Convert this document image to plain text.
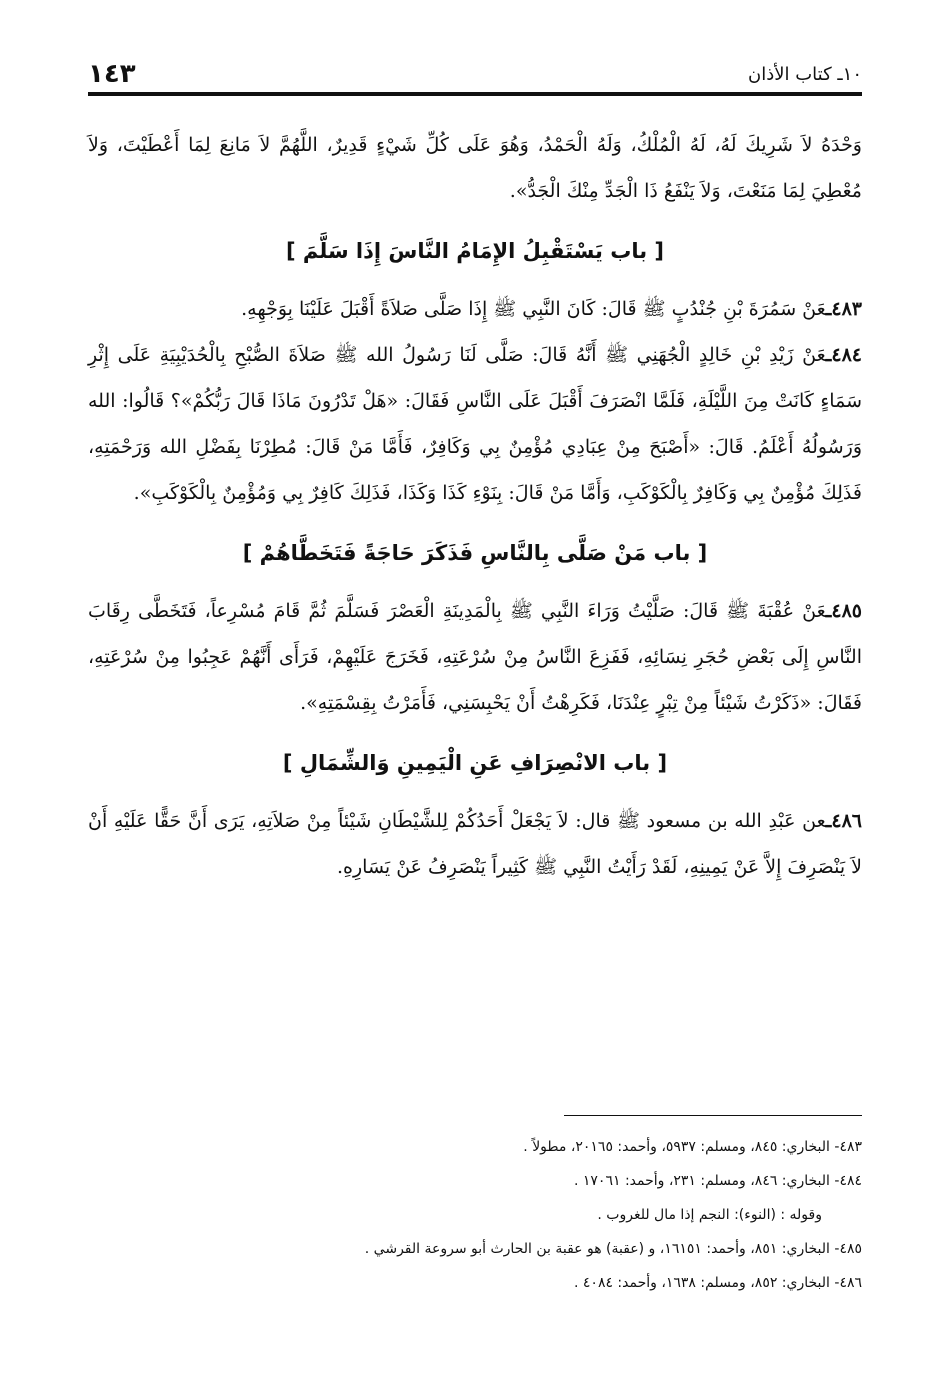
١٠ـ كتاب الأذان
١٤٣

وَحْدَهُ لاَ شَرِيكَ لَهُ، لَهُ الْمُلْكُ، وَلَهُ الْحَمْدُ، وَهُوَ عَلَى كُلِّ شَيْءٍ قَدِيرٌ، اللَّهُمَّ لاَ مَانِعَ لِمَا أَعْطَيْتَ، وَلاَ مُعْطِيَ لِمَا مَنَعْتَ، وَلاَ يَنْفَعُ ذَا الْجَدِّ مِنْكَ الْجَدُّ».

[ باب يَسْتَقْبِلُ الإِمَامُ النَّاسَ إِذَا سَلَّمَ ]

٤٨٣ـعَنْ سَمُرَةَ بْنِ جُنْدُبٍ ﷺ قَالَ: كَانَ النَّبِي ﷺ إِذَا صَلَّى صَلاَةً أَقْبَلَ عَلَيْنَا بِوَجْهِهِ.

٤٨٤ـعَنْ زَيْدِ بْنِ خَالِدٍ الْجُهَنِي ﷺ أَنَّهُ قَالَ: صَلَّى لَنَا رَسُولُ الله ﷺ صَلاَةَ الصُّبْحِ بِالْحُدَيْبِيَةِ عَلَى إِثْرِ سَمَاءٍ كَانَتْ مِنَ اللَّيْلَةِ، فَلَمَّا انْصَرَفَ أَقْبَلَ عَلَى النَّاسِ فَقَالَ: «هَلْ تَدْرُونَ مَاذَا قَالَ رَبُّكُمْ»؟ قَالُوا: الله وَرَسُولُهُ أَعْلَمُ. قَالَ: «أَصْبَحَ مِنْ عِبَادِي مُؤْمِنٌ بِي وَكَافِرٌ، فَأَمَّا مَنْ قَالَ: مُطِرْنَا بِفَضْلِ الله وَرَحْمَتِهِ، فَذَلِكَ مُؤْمِنٌ بِي وَكَافِرٌ بِالْكَوْكَبِ، وَأَمَّا مَنْ قَالَ: بِنَوْءِ كَذَا وَكَذَا، فَذَلِكَ كَافِرٌ بِي وَمُؤْمِنٌ بِالْكَوْكَبِ».

[ باب مَنْ صَلَّى بِالنَّاسِ فَذَكَرَ حَاجَةً فَتَخَطَّاهُمْ ]

٤٨٥ـعَنْ عُقْبَةَ ﷺ قَالَ: صَلَّيْتُ وَرَاءَ النَّبِي ﷺ بِالْمَدِينَةِ الْعَصْرَ فَسَلَّمَ ثُمَّ قَامَ مُسْرِعاً، فَتَخَطَّى رِقَابَ النَّاسِ إِلَى بَعْضِ حُجَرِ نِسَائِهِ، فَفَزِعَ النَّاسُ مِنْ سُرْعَتِهِ، فَخَرَجَ عَلَيْهِمْ، فَرَأَى أَنَّهُمْ عَجِبُوا مِنْ سُرْعَتِهِ، فَقَالَ: «ذَكَرْتُ شَيْئاً مِنْ تِبْرٍ عِنْدَنَا، فَكَرِهْتُ أَنْ يَحْبِسَنِي، فَأَمَرْتُ بِقِسْمَتِهِ».

[ باب الانْصِرَافِ عَنِ الْيَمِينِ وَالشِّمَالِ ]

٤٨٦ـعن عَبْدِ الله بن مسعود ﷺ قال: لاَ يَجْعَلْ أَحَدُكُمْ لِلشَّيْطَانِ شَيْئاً مِنْ صَلاَتِهِ، يَرَى أَنَّ حَقًّا عَلَيْهِ أَنْ لاَ يَنْصَرِفَ إِلاَّ عَنْ يَمِينِهِ، لَقَدْ رَأَيْتُ النَّبِي ﷺ كَثِيراً يَنْصَرِفُ عَنْ يَسَارِهِ.

٤٨٣- البخاري: ٨٤٥، ومسلم: ٥٩٣٧، وأحمد: ٢٠١٦٥، مطولاً .

٤٨٤- البخاري: ٨٤٦، ومسلم: ٢٣١، وأحمد: ١٧٠٦١ .

وقوله : (النوء): النجم إذا مال للغروب .

٤٨٥- البخاري: ٨٥١، وأحمد: ١٦١٥١، و (عقبة) هو عقبة بن الحارث أبو سروعة القرشي .

٤٨٦- البخاري: ٨٥٢، ومسلم: ١٦٣٨، وأحمد: ٤٠٨٤ .
